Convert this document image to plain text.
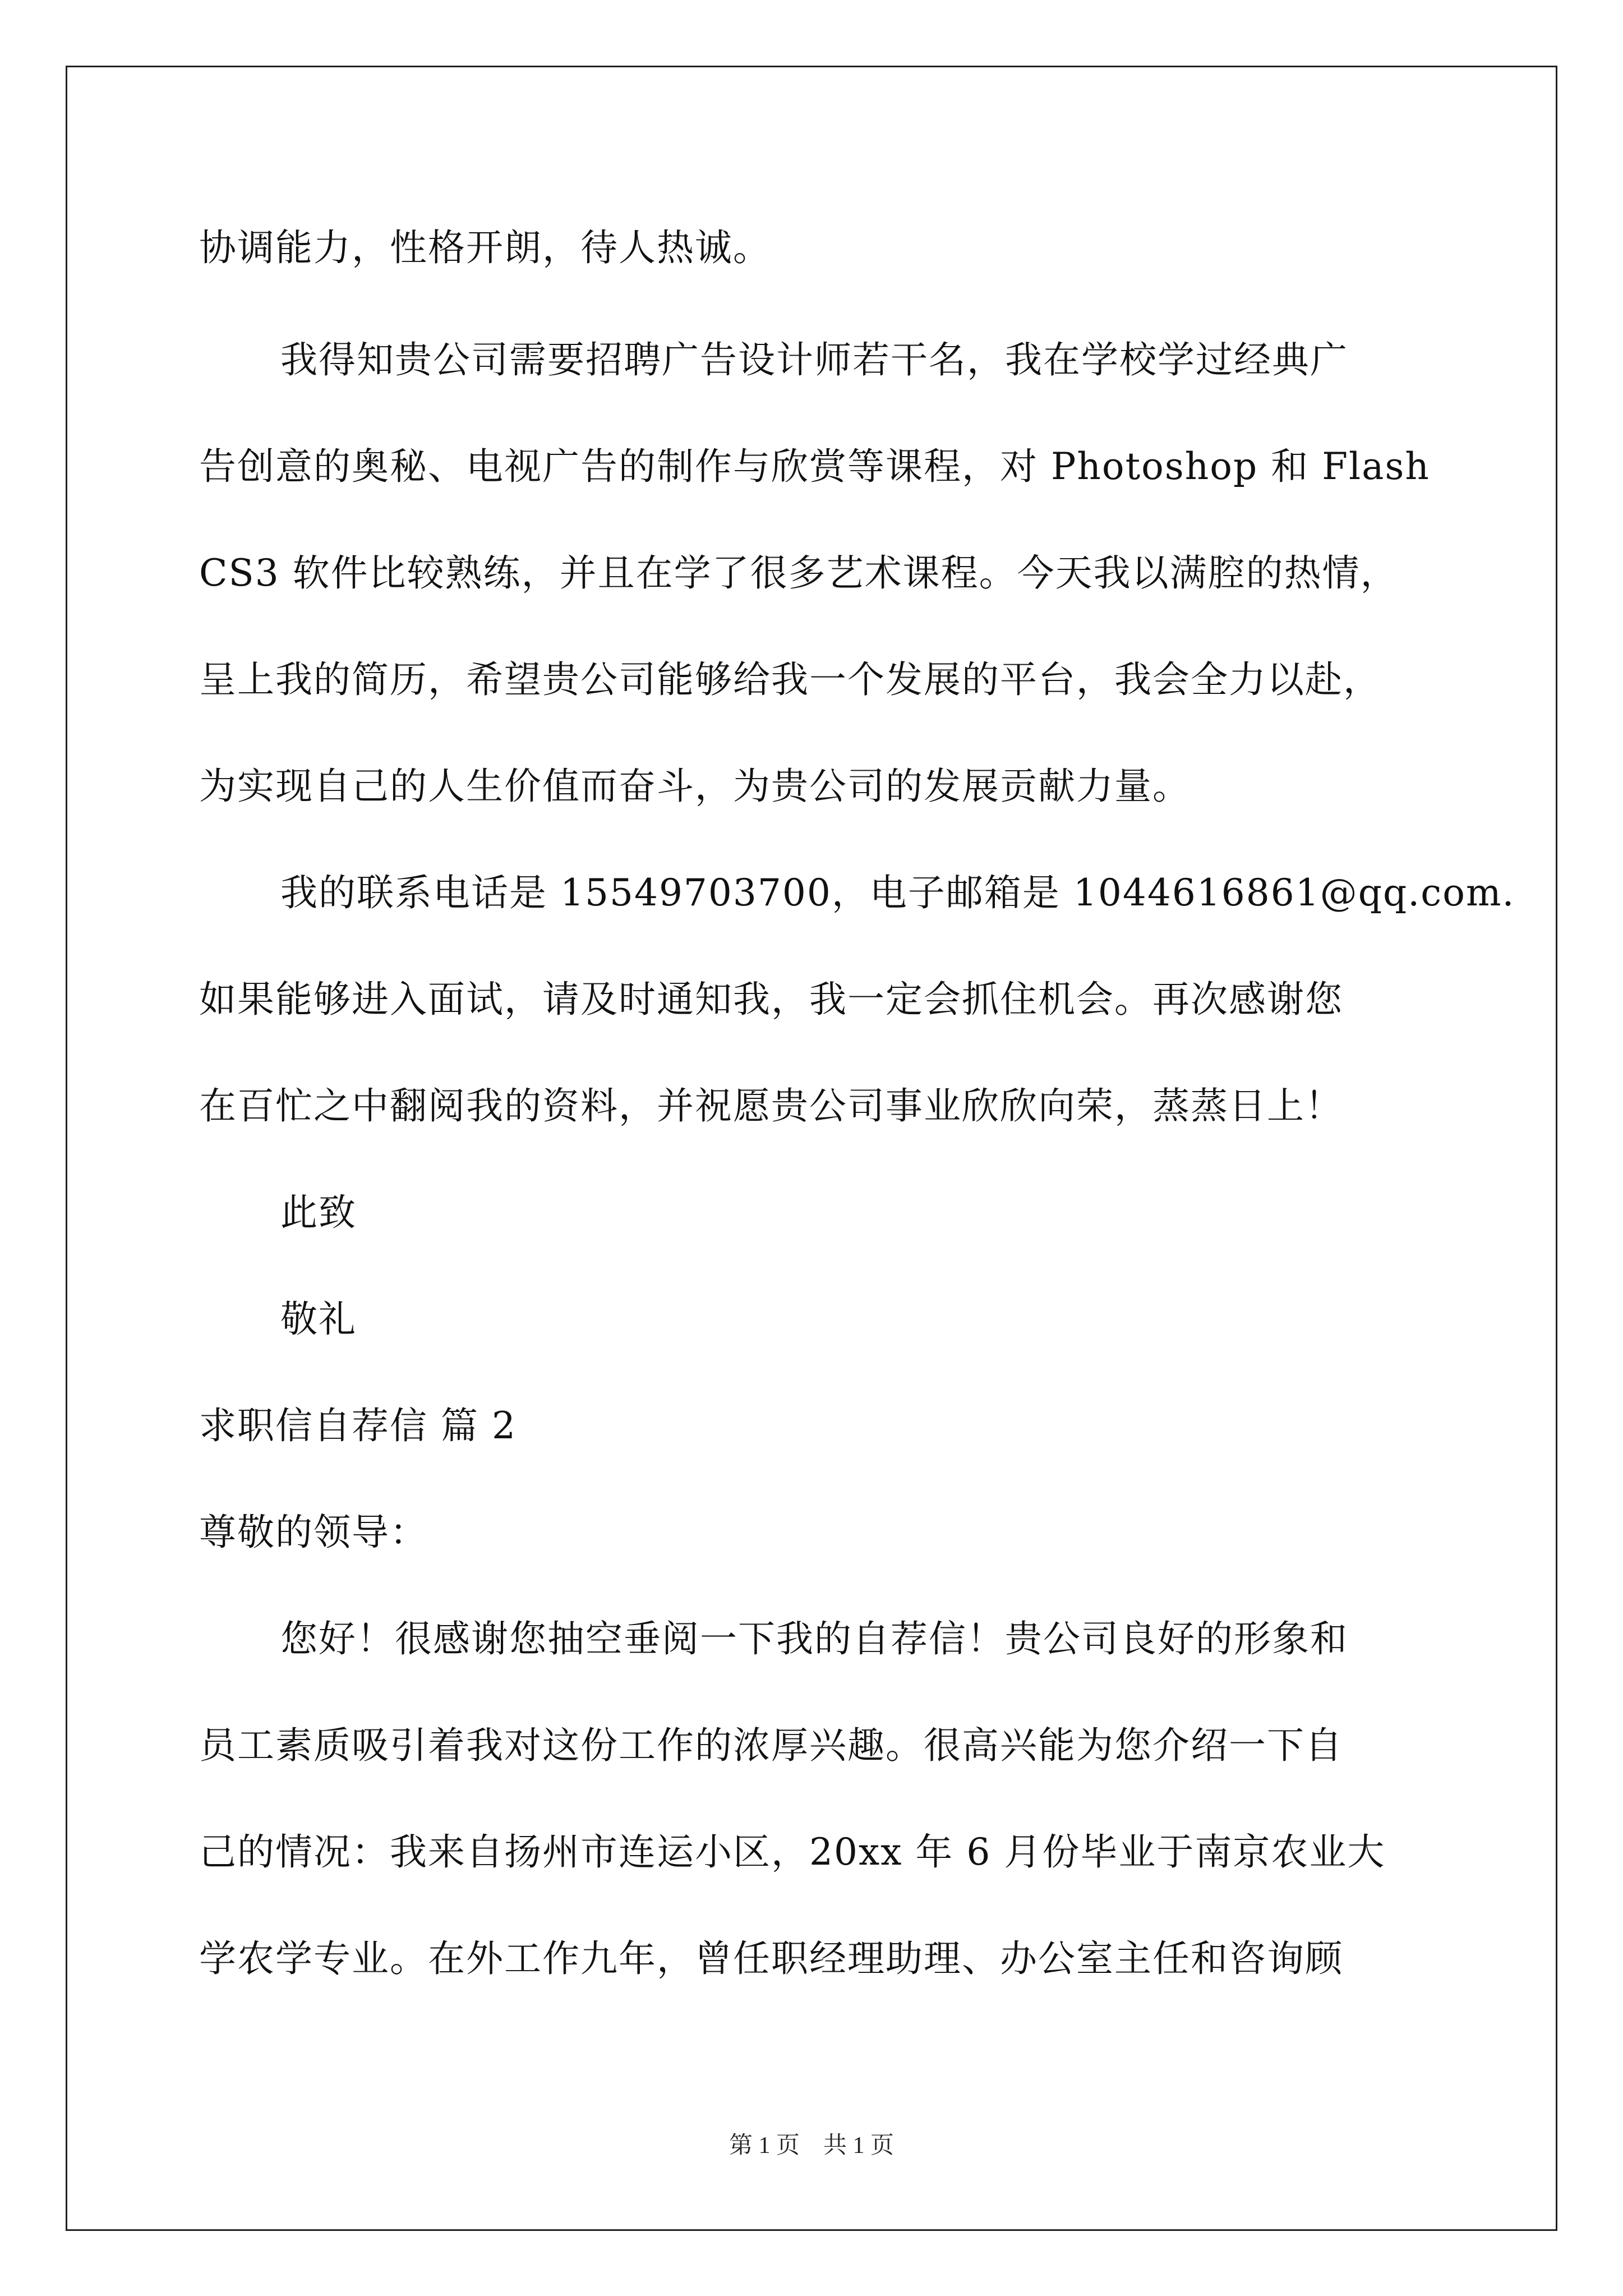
协调能力，性格开朗，待人热诚。
我得知贵公司需要招聘广告设计师若干名，我在学校学过经典广
告创意的奥秘、电视广告的制作与欣赏等课程，对 Photoshop 和 Flash
CS3 软件比较熟练，并且在学了很多艺术课程。今天我以满腔的热情，
呈上我的简历，希望贵公司能够给我一个发展的平台，我会全力以赴，
为实现自己的人生价值而奋斗，为贵公司的发展贡献力量。
我的联系电话是 15549703700，电子邮箱是 1044616861@qq.com.
如果能够进入面试，请及时通知我，我一定会抓住机会。再次感谢您
在百忙之中翻阅我的资料，并祝愿贵公司事业欣欣向荣，蒸蒸日上！
此致
敬礼
求职信自荐信 篇 2
尊敬的领导：
您好！很感谢您抽空垂阅一下我的自荐信！贵公司良好的形象和
员工素质吸引着我对这份工作的浓厚兴趣。很高兴能为您介绍一下自
己的情况：我来自扬州市连运小区，20xx 年 6 月份毕业于南京农业大
学农学专业。在外工作九年，曾任职经理助理、办公室主任和咨询顾
第 1 页　共 1 页
